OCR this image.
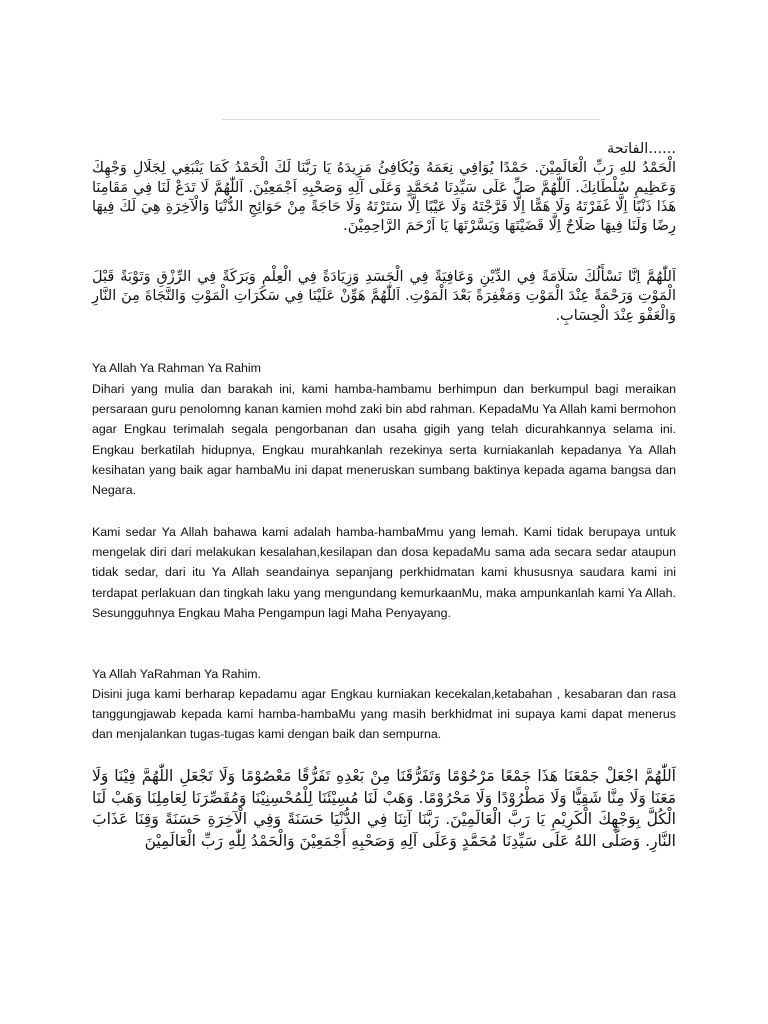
......الفاتحة

الْحَمْدُ للهِ رَبِّ الْعَالَمِيْنَ. حَمْدًا يُوَافِي نِعَمَهُ وَيُكَافِئُ مَزِيدَهُ يَا رَبَّنَا لَكَ الْحَمْدُ كَمَا يَنْبَغِي لِجَلَالِ وَجْهِكَ وَعَظِيمِ سُلْطَانِكَ. اَللّٰهُمَّ صَلِّ عَلَى سَيِّدِنَا مُحَمَّدٍ وَعَلَى آلِهِ وَصَحْبِهِ اَجْمَعِيْنَ. اَللّٰهُمَّ لَا تَدَعْ لَنَا فِي مَقَامِنَا هَذَا ذَنْبًا اِلَّا غَفَرْتَهُ وَلَا هَمًّا اِلَّا فَرَّجْتَهُ وَلَا عَيْبًا اِلَّا سَتَرْتَهُ وَلَا حَاجَةً مِنْ حَوَائِجِ الدُّنْيَا وَالْآخِرَةِ هِيَ لَكَ فِيهَا رِضًا وَلَنَا فِيهَا صَلَاحٌ اِلَّا قَضَيْتَهَا وَيَسَّرْتَهَا يَا اَرْحَمَ الرَّاحِمِيْنَ.

اَللّٰهُمَّ اِنَّا نَسْأَلُكَ سَلَامَةً فِي الدِّيْنِ وَعَافِيَةً فِي الْجَسَدِ وَزِيَادَةً فِي الْعِلْمِ وَبَرَكَةً فِي الرِّزْقِ وَتَوْبَةً قَبْلَ الْمَوْتِ وَرَحْمَةً عِنْدَ الْمَوْتِ وَمَغْفِرَةً بَعْدَ الْمَوْتِ. اَللّٰهُمَّ هَوِّنْ عَلَيْنَا فِي سَكَرَاتِ الْمَوْتِ وَالنَّجَاةَ مِنَ النَّارِ وَالْعَفْوَ عِنْدَ الْحِسَابِ.

Ya Allah Ya Rahman Ya Rahim

Dihari yang mulia dan barakah ini, kami hamba-hambamu berhimpun dan berkumpul bagi meraikan persaraan guru penolomng kanan kamien mohd zaki bin abd rahman. KepadaMu Ya Allah kami bermohon agar Engkau terimalah segala pengorbanan dan usaha gigih yang telah dicurahkannya selama ini. Engkau berkatilah hidupnya, Engkau murahkanlah rezekinya serta kurniakanlah kepadanya Ya Allah kesihatan yang baik agar hambaMu ini dapat meneruskan sumbang baktinya kepada agama bangsa dan Negara.

Kami sedar Ya Allah bahawa kami adalah hamba-hambaMmu yang lemah. Kami tidak berupaya untuk mengelak diri dari melakukan kesalahan,kesilapan dan dosa kepadaMu sama ada secara sedar ataupun tidak sedar, dari itu Ya Allah seandainya sepanjang perkhidmatan kami khususnya saudara kami ini terdapat perlakuan dan tingkah laku yang mengundang kemurkaanMu, maka ampunkanlah kami Ya Allah. Sesungguhnya Engkau Maha Pengampun lagi Maha Penyayang.

Ya Allah YaRahman Ya Rahim.

Disini juga kami berharap kepadamu agar Engkau kurniakan kecekalan,ketabahan , kesabaran dan rasa tanggungjawab kepada kami hamba-hambaMu yang masih berkhidmat ini supaya kami dapat menerus dan menjalankan tugas-tugas kami dengan baik dan sempurna.

اَللّٰهُمَّ اجْعَلْ جَمْعَنَا هَذَا جَمْعًا مَرْحُوْمًا وَتَفَرُّقَنَا مِنْ بَعْدِهِ تَفَرُّقًا مَعْصُوْمًا وَلَا تَجْعَلِ اللّٰهُمَّ فِيْنَا وَلَا مَعَنَا وَلَا مِنَّا شَقِيًّا وَلَا مَطْرُوْدًا وَلَا مَحْرُوْمًا. وَهَبْ لَنَا مُسِيْئَنَا لِلْمُحْسِنِيْنَا وَمُقَصِّرَنَا لِعَامِلِنَا وَهَبْ لَنَا الْكُلَّ بِوَجْهِكَ الْكَرِيْمِ يَا رَبَّ الْعَالَمِيْنَ. رَبَّنَا آتِنَا فِي الدُّنْيَا حَسَنَةً وَفِي الْآخِرَةِ حَسَنَةً وَقِنَا عَذَابَ النَّارِ. وَصَلَّى اللهُ عَلَى سَيِّدِنَا مُحَمَّدٍ وَعَلَى آلِهِ وَصَحْبِهِ أَجْمَعِيْنَ وَالْحَمْدُ لِلّٰهِ رَبِّ الْعَالَمِيْنَ
